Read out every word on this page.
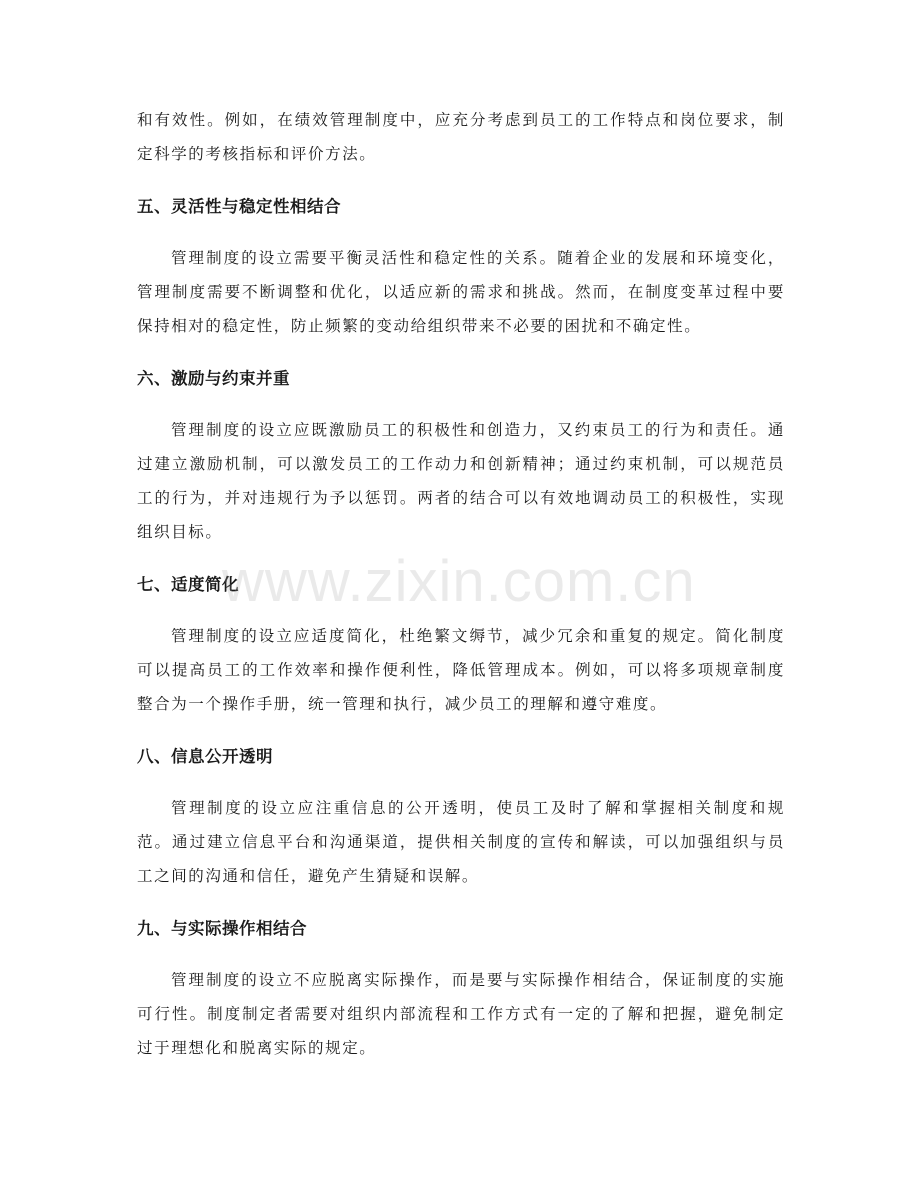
和有效性。例如，在绩效管理制度中，应充分考虑到员工的工作特点和岗位要求，制定科学的考核指标和评价方法。

五、灵活性与稳定性相结合

管理制度的设立需要平衡灵活性和稳定性的关系。随着企业的发展和环境变化，管理制度需要不断调整和优化，以适应新的需求和挑战。然而，在制度变革过程中要保持相对的稳定性，防止频繁的变动给组织带来不必要的困扰和不确定性。

六、激励与约束并重

管理制度的设立应既激励员工的积极性和创造力，又约束员工的行为和责任。通过建立激励机制，可以激发员工的工作动力和创新精神；通过约束机制，可以规范员工的行为，并对违规行为予以惩罚。两者的结合可以有效地调动员工的积极性，实现组织目标。

七、适度简化

管理制度的设立应适度简化，杜绝繁文缛节，减少冗余和重复的规定。简化制度可以提高员工的工作效率和操作便利性，降低管理成本。例如，可以将多项规章制度整合为一个操作手册，统一管理和执行，减少员工的理解和遵守难度。

八、信息公开透明

管理制度的设立应注重信息的公开透明，使员工及时了解和掌握相关制度和规范。通过建立信息平台和沟通渠道，提供相关制度的宣传和解读，可以加强组织与员工之间的沟通和信任，避免产生猜疑和误解。

九、与实际操作相结合

管理制度的设立不应脱离实际操作，而是要与实际操作相结合，保证制度的实施可行性。制度制定者需要对组织内部流程和工作方式有一定的了解和把握，避免制定过于理想化和脱离实际的规定。

www.zixin.com.cn
